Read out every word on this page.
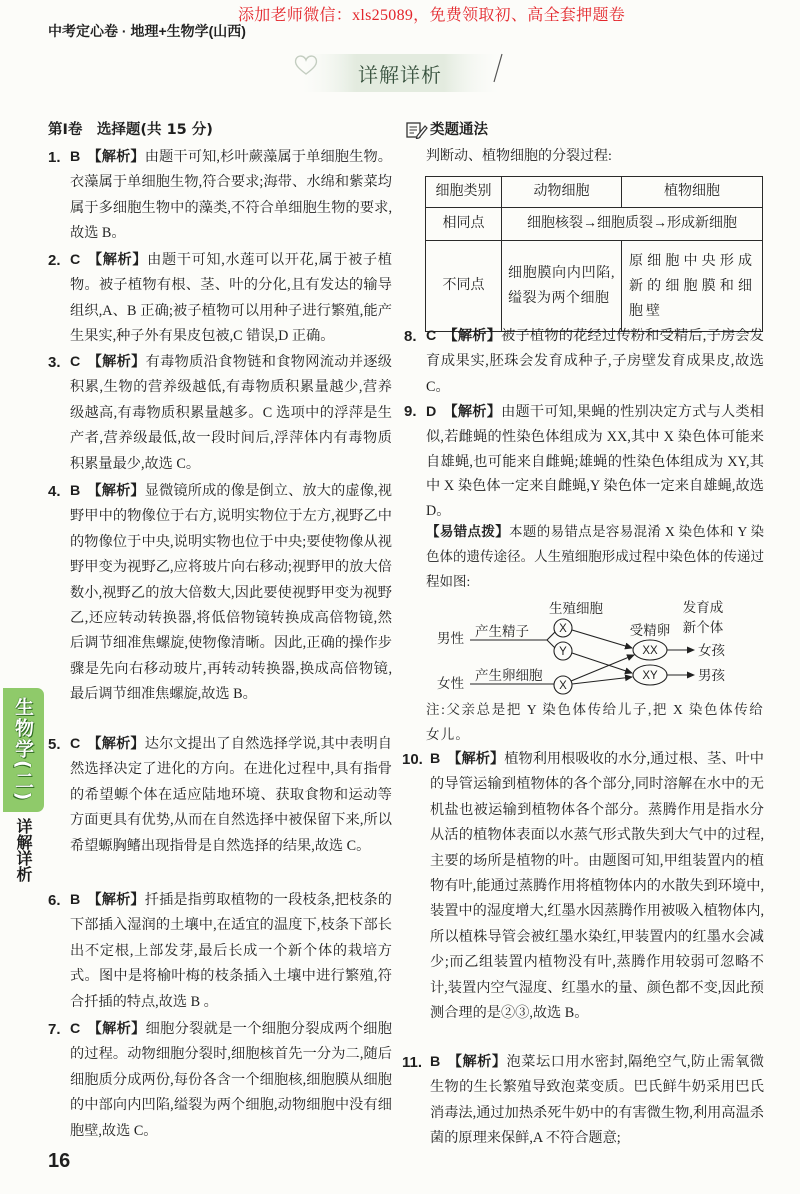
添加老师微信：xls25089，免费领取初、高全套押题卷
中考定心卷 · 地理+生物学(山西)
详解详析
生物学(二)
详解详析
第Ⅰ卷　选择题(共 15 分)
1. B 【解析】由题干可知,杉叶蕨藻属于单细胞生物。衣藻属于单细胞生物,符合要求;海带、水绵和紫菜均属于多细胞生物中的藻类,不符合单细胞生物的要求,故选 B。
2. C 【解析】由题干可知,水莲可以开花,属于被子植物。被子植物有根、茎、叶的分化,且有发达的输导组织,A、B 正确;被子植物可以用种子进行繁殖,能产生果实,种子外有果皮包被,C 错误,D 正确。
3. C 【解析】有毒物质沿食物链和食物网流动并逐级积累,生物的营养级越低,有毒物质积累量越少,营养级越高,有毒物质积累量越多。C 选项中的浮萍是生产者,营养级最低,故一段时间后,浮萍体内有毒物质积累量最少,故选 C。
4. B 【解析】显微镜所成的像是倒立、放大的虚像,视野甲中的物像位于右方,说明实物位于左方,视野乙中的物像位于中央,说明实物也位于中央;要使物像从视野甲变为视野乙,应将玻片向右移动;视野甲的放大倍数小,视野乙的放大倍数大,因此要使视野甲变为视野乙,还应转动转换器,将低倍物镜转换成高倍物镜,然后调节细准焦螺旋,使物像清晰。因此,正确的操作步骤是先向右移动玻片,再转动转换器,换成高倍物镜,最后调节细准焦螺旋,故选 B。
5. C 【解析】达尔文提出了自然选择学说,其中表明自然选择决定了进化的方向。在进化过程中,具有指骨的希望螈个体在适应陆地环境、获取食物和运动等方面更具有优势,从而在自然选择中被保留下来,所以希望螈胸鳍出现指骨是自然选择的结果,故选 C。
6. B 【解析】扦插是指剪取植物的一段枝条,把枝条的下部插入湿润的土壤中,在适宜的温度下,枝条下部长出不定根,上部发芽,最后长成一个新个体的栽培方式。图中是将榆叶梅的枝条插入土壤中进行繁殖,符合扦插的特点,故选 B 。
7. C 【解析】细胞分裂就是一个细胞分裂成两个细胞的过程。动物细胞分裂时,细胞核首先一分为二,随后细胞质分成两份,每份各含一个细胞核,细胞膜从细胞的中部向内凹陷,缢裂为两个细胞,动物细胞中没有细胞壁,故选 C。
16
类题通法
判断动、植物细胞的分裂过程:
细胞类别	动物细胞	植物细胞
相同点	细胞核裂→细胞质裂→形成新细胞	
不同点	细胞膜向内凹陷,缢裂为两个细胞	原细胞中央形成新的细胞膜和细胞壁
8. C 【解析】被子植物的花经过传粉和受精后,子房会发育成果实,胚珠会发育成种子,子房壁发育成果皮,故选 C。
9. D 【解析】由题干可知,果蝇的性别决定方式与人类相似,若雌蝇的性染色体组成为 XX,其中 X 染色体可能来自雄蝇,也可能来自雌蝇;雄蝇的性染色体组成为 XY,其中 X 染色体一定来自雌蝇,Y 染色体一定来自雄蝇,故选 D。
【易错点拨】本题的易错点是容易混淆 X 染色体和 Y 染色体的遗传途径。人生殖细胞形成过程中染色体的传递过程如图:
生殖细胞	发育成
新个体
受精卵
男性 产生精子	X
Y
女性
产生卵细胞
X
XX
XY
女孩
男孩
注:父亲总是把 Y 染色体传给儿子,把 X 染色体传给女儿。
10. B 【解析】植物利用根吸收的水分,通过根、茎、叶中的导管运输到植物体的各个部分,同时溶解在水中的无机盐也被运输到植物体各个部分。蒸腾作用是指水分从活的植物体表面以水蒸气形式散失到大气中的过程,主要的场所是植物的叶。由题图可知,甲组装置内的植物有叶,能通过蒸腾作用将植物体内的水散失到环境中,装置中的湿度增大,红墨水因蒸腾作用被吸入植物体内,所以植株导管会被红墨水染红,甲装置内的红墨水会减少;而乙组装置内植物没有叶,蒸腾作用较弱可忽略不计,装置内空气湿度、红墨水的量、颜色都不变,因此预测合理的是②③,故选 B。
11. B 【解析】泡菜坛口用水密封,隔绝空气,防止需氧微生物的生长繁殖导致泡菜变质。巴氏鲜牛奶采用巴氏消毒法,通过加热杀死牛奶中的有害微生物,利用高温杀菌的原理来保鲜,A 不符合题意;
